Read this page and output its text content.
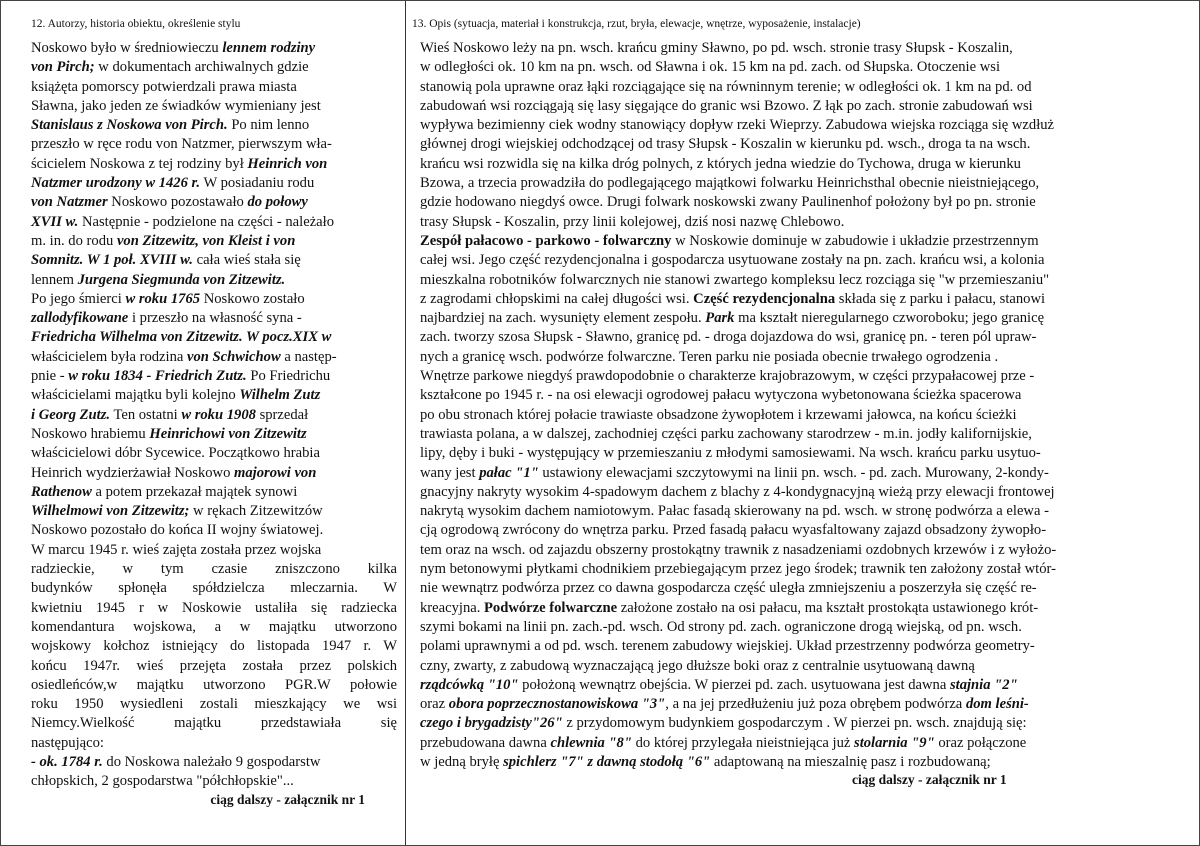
12. Autorzy, historia obiektu, określenie stylu

Noskowo było w średniowieczu lennem rodziny

von Pirch; w dokumentach archiwalnych gdzie

książęta pomorscy potwierdzali prawa miasta

Sławna, jako jeden ze świadków wymieniany jest

Stanislaus z Noskowa von Pirch. Po nim lenno

przeszło w ręce rodu von Natzmer, pierwszym wła-

ścicielem Noskowa z tej rodziny był Heinrich von

Natzmer urodzony w 1426 r. W posiadaniu rodu

von Natzmer Noskowo pozostawało do połowy

XVII w. Następnie - podzielone na części - należało

m. in. do rodu von Zitzewitz, von Kleist i von

Somnitz. W 1 poł. XVIII w. cała wieś stała się

lennem Jurgena Siegmunda von Zitzewitz.

Po jego śmierci w roku 1765 Noskowo zostało

zallodyfikowane i przeszło na własność syna -

Friedricha Wilhelma von Zitzewitz. W pocz.XIX w

właścicielem była rodzina von Schwichow a następ-

pnie - w roku 1834 - Friedrich Zutz. Po Friedrichu

właścicielami majątku byli kolejno Wilhelm Zutz

i Georg Zutz. Ten ostatni w roku 1908 sprzedał

Noskowo hrabiemu Heinrichowi von Zitzewitz

właścicielowi dóbr Sycewice. Początkowo hrabia

Heinrich wydzierżawiał Noskowo majorowi von

Rathenow a potem przekazał majątek synowi

Wilhelmowi von Zitzewitz; w rękach Zitzewitzów

Noskowo pozostało do końca II wojny światowej.

W marcu 1945 r. wieś zajęta została przez wojska

radzieckie, w tym czasie zniszczono kilka

budynków spłonęła spółdzielcza mleczarnia. W

kwietniu 1945 r w Noskowie ustaliła się radziecka

komendantura wojskowa, a w majątku utworzono

wojskowy kołchoz istniejący do listopada 1947 r. W

końcu 1947r. wieś przejęta została przez polskich

osiedleńców,w majątku utworzono PGR.W połowie

roku 1950 wysiedleni zostali mieszkający we wsi

Niemcy.Wielkość majątku przedstawiała się

następująco:

- ok. 1784 r. do Noskowa należało 9 gospodarstw

chłopskich, 2 gospodarstwa "półchłopskie"...

ciąg dalszy - załącznik nr 1
13. Opis (sytuacja, materiał i konstrukcja, rzut, bryła, elewacje, wnętrze, wyposażenie, instalacje)

Wieś Noskowo leży na pn. wsch. krańcu gminy Sławno, po pd. wsch. stronie trasy Słupsk - Koszalin,

w odległości ok. 10 km na pn. wsch. od Sławna i ok. 15 km na pd. zach. od Słupska. Otoczenie wsi

stanowią pola uprawne oraz łąki rozciągające się na równinnym terenie; w odległości ok. 1 km na pd. od

zabudowań wsi rozciągają się lasy sięgające do granic wsi Bzowo. Z łąk po zach. stronie zabudowań wsi

wypływa bezimienny ciek wodny stanowiący dopływ rzeki Wieprzy. Zabudowa wiejska rozciąga się wzdłuż

głównej drogi wiejskiej odchodzącej od trasy Słupsk - Koszalin w kierunku pd. wsch., droga ta na wsch.

krańcu wsi rozwidla się na kilka dróg polnych, z których jedna wiedzie do Tychowa, druga w kierunku

Bzowa, a trzecia prowadziła do podlegającego majątkowi folwarku Heinrichsthal obecnie nieistniejącego,

gdzie hodowano niegdyś owce. Drugi folwark noskowski zwany Paulinenhof położony był po pn. stronie

trasy Słupsk - Koszalin, przy linii kolejowej, dziś nosi nazwę Chlebowo.

Zespół pałacowo - parkowo - folwarczny w Noskowie dominuje w zabudowie i układzie przestrzennym

całej wsi. Jego część rezydencjonalna i gospodarcza usytuowane zostały na pn. zach. krańcu wsi, a kolonia

mieszkalna robotników folwarcznych nie stanowi zwartego kompleksu lecz rozciąga się "w przemieszaniu"

z zagrodami chłopskimi na całej długości wsi. Część rezydencjonalna składa się z parku i pałacu, stanowi

najbardziej na zach. wysunięty element zespołu. Park ma kształt nieregularnego czworoboku; jego granicę

zach. tworzy szosa Słupsk - Sławno, granicę pd. - droga dojazdowa do wsi, granicę pn. - teren pól upraw-

nych a granicę wsch. podwórze folwarczne. Teren parku nie posiada obecnie trwałego ogrodzenia .

Wnętrze parkowe niegdyś prawdopodobnie o charakterze krajobrazowym, w części przypałacowej prze -

kształcone po 1945 r. - na osi elewacji ogrodowej pałacu wytyczona wybetonowana ścieżka spacerowa

po obu stronach której połacie trawiaste obsadzone żywopłotem i krzewami jałowca, na końcu ścieżki

trawiasta polana, a w dalszej, zachodniej części parku zachowany starodrzew - m.in. jodły kalifornijskie,

lipy, dęby i buki - występujący w przemieszaniu z młodymi samosiewami. Na wsch. krańcu parku usytuo-

wany jest pałac "1" ustawiony elewacjami szczytowymi na linii pn. wsch. - pd. zach. Murowany, 2-kondy-

gnacyjny nakryty wysokim 4-spadowym dachem z blachy z 4-kondygnacyjną wieżą przy elewacji frontowej

nakrytą wysokim dachem namiotowym. Pałac fasadą skierowany na pd. wsch. w stronę podwórza a elewa -

cją ogrodową zwrócony do wnętrza parku. Przed fasadą pałacu wyasfaltowany zajazd obsadzony żywopło-

tem oraz na wsch. od zajazdu obszerny prostokątny trawnik z nasadzeniami ozdobnych krzewów i z wyłożo-

nym betonowymi płytkami chodnikiem przebiegającym przez jego środek; trawnik ten założony został wtór-

nie wewnątrz podwórza przez co dawna gospodarcza część uległa zmniejszeniu a poszerzyła się część re-

kreacyjna. Podwórze folwarczne założone zostało na osi pałacu, ma kształt prostokąta ustawionego krót-

szymi bokami na linii pn. zach.-pd. wsch. Od strony pd. zach. ograniczone drogą wiejską, od pn. wsch.

polami uprawnymi a od pd. wsch. terenem zabudowy wiejskiej. Układ przestrzenny podwórza geometry-

czny, zwarty, z zabudową wyznaczającą jego dłuższe boki oraz z centralnie usytuowaną dawną

rządcówką "10" położoną wewnątrz obejścia. W pierzei pd. zach. usytuowana jest dawna stajnia "2"

oraz obora poprzecznostanowiskowa "3", a na jej przedłużeniu już poza obrębem podwórza dom leśni-

czego i brygadzisty"26" z przydomowym budynkiem gospodarczym . W pierzei pn. wsch. znajdują się:

przebudowana dawna chlewnia "8" do której przylegała nieistniejąca już stolarnia "9" oraz połączone

w jedną bryłę spichlerz "7" z dawną stodołą "6" adaptowaną na mieszalnię pasz i rozbudowaną;

ciąg dalszy - załącznik nr 1
